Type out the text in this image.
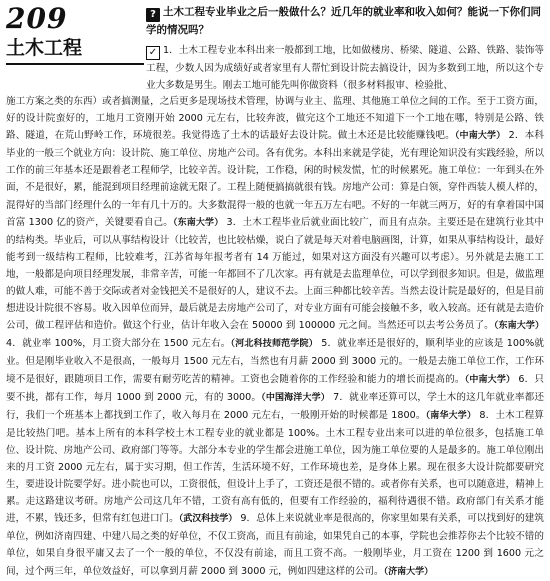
209
土木工程
? 土木工程专业毕业之后一般做什么？近几年的就业率和收入如何？能说一下你们同学的情况吗？
✓ 1．土木工程专业本科出来一般都到工地，比如做楼房、桥梁、隧道、公路、铁路、装饰等工程，少数人因为成绩好或者家里有人帮忙到设计院去搞设计，因为多数到工地，所以这个专业大多数是男生。刚去工地可能先叫你做资料（很多材料报审、检验批、
施工方案之类的东西）或者搞测量，之后更多是现场技术管理，协调与业主、监理、其他施工单位之间的工作。至于工资方面，好的设计院蛮好的，工地月工资刚开始 2000 元左右，比较奔波，做完这个工地还不知道下一个工地在哪，特别是公路、铁路、隧道，在荒山野岭工作，环境很差。我觉得选了土木的话最好去设计院。做土木还是比较能赚钱吧。（中南大学） 2．本科毕业的一般三个就业方向：设计院、施工单位、房地产公司。各有优劣。本科出来就是学徒，光有理论知识没有实践经验，所以工作的前三年基本还是跟着老工程师学，比较辛苦。设计院，工作稳，闲的时候发慌，忙的时候累死。施工单位：一年到头在外面，不是很好，累，能混到项目经理前途就无限了。工程上随便搞搞就很有钱。房地产公司：算是白领，穿件西装人模人样的，混得好的当部门经理什么的一年有几十万的。大多数混得一般的也就一年五万左右吧。不好的一年就三两万，好的有拿着国中国首富 1300 亿的资产，关键要看自己。（东南大学） 3．土木工程毕业后就业面比较广，而且有点杂。主要还是在建筑行业其中的结构类。毕业后，可以从事结构设计（比较苦，也比较枯燥，说白了就是每天对着电脑画图，计算，如果从事结构设计，最好能考到一级结构工程师，比较难考，江苏省每年报考者有 14 万能过，如果对这方面没有兴趣可以考虑）。另外就是去施工工地，一般都是向项目经理发展，非常辛苦，可能一年都回不了几次家。再有就是去监理单位，可以学到很多知识。但是，做监理的做人难，可能不善于交际或者对金钱把关不是很好的人，建议不去。上面三种都比较辛苦。当然去设计院是最好的，但是目前想进设计院很不容易。收入因单位而异，最后就是去房地产公司了，对专业方面有可能会接触不多，收入较高。还有就是去造价公司，做工程评估和造价。做这个行业，估计年收入会在 50000 到 100000 元之间。当然还可以去考公务员了。（东南大学） 4．就业率 100%，月工资大部分在 1500 元左右。（河北科技师范学院） 5．就业率还是很好的，顺利毕业的应该是 100%就业。但是刚毕业收入不是很高，一般每月 1500 元左右，当然也有月薪 2000 到 3000 元的。一般是去施工单位工作，工作环境不是很好，跟随项目工作，需要有耐劳吃苦的精神。工资也会随着你的工作经验和能力的增长而提高的。（中南大学） 6．只要不挑，都有工作，每月 1000 到 2000 元，有的 3000。（中国海洋大学） 7．就业率还算可以，学土木的这几年就业率都还行，我们一个班基本上都找到工作了，收入每月在 2000 元左右，一般刚开始的时候都是 1800。（南华大学） 8．土木工程算是比较热门吧。基本上所有的本科学校土木工程专业的就业都是 100%。土木工程专业出来可以进的单位很多，包括施工单位、设计院、房地产公司、政府部门等等。大部分本专业的学生都会进施工单位，因为施工单位要的人是最多的。施工单位刚出来的月工资 2000 元左右，属于实习期，但工作苦，生活环境不好，工作环境也差，是身体上累。现在很多大设计院都要研究生，要进设计院要学好。进小院也可以，工资很低，但设计上手了，工资还是很不错的。或者你有关系，也可以随意进，精神上累。走这路建议考研。房地产公司这几年不错，工资有高有低的，但要有工作经验的，福利待遇很不错。政府部门有关系才能进，不累，钱还多，但常有红包进口门。（武汉科技学） 9．总体上来说就业率是很高的，你家里如果有关系，可以找到好的建筑单位，例如济南四建、中建八局之类的好单位，不仅工资高，而且有前途，如果凭自己的本事，学院也会推荐你去个比较不错的单位，如果自身很平庸又去了一个一般的单位，不仅没有前途，而且工资不高。一般刚毕业，月工资在 1200 到 1600 元之间，过个两三年，单位效益好，可以拿到月薪 2000 到 3000 元，例如四建这样的公司。（济南大学）
